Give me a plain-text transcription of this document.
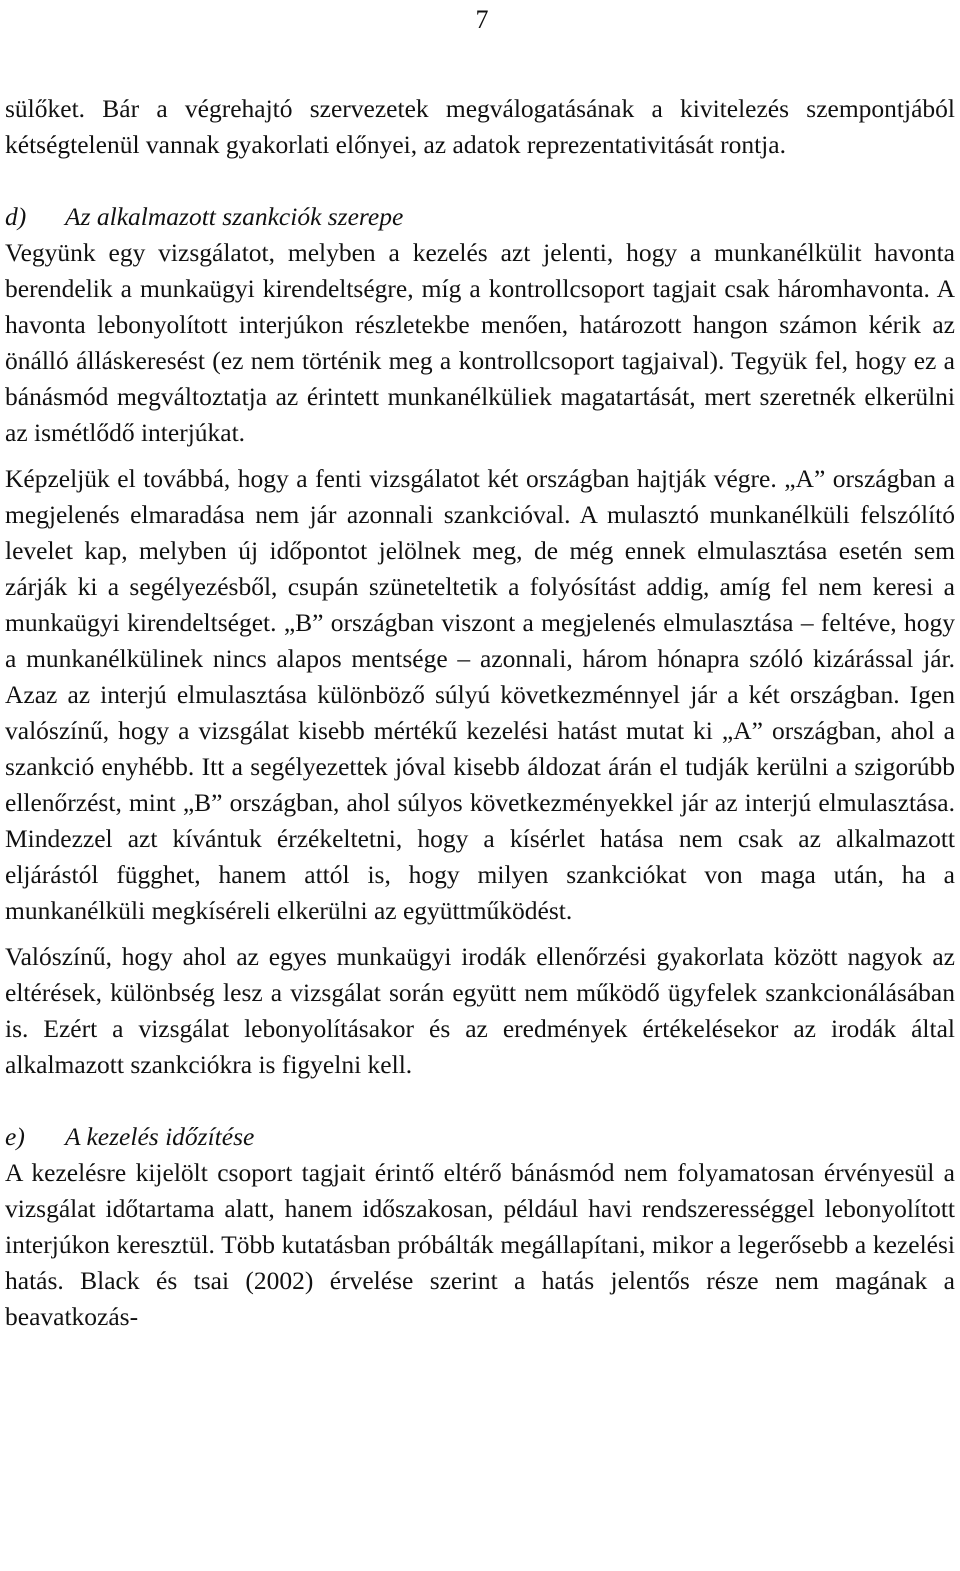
7

sülőket. Bár a végrehajtó szervezetek megválogatásának a kivitelezés szempontjából kétségtelenül vannak gyakorlati előnyei, az adatok reprezentativitását rontja.

d)	Az alkalmazott szankciók szerepe

Vegyünk egy vizsgálatot, melyben a kezelés azt jelenti, hogy a munkanélkülit havonta berendelik a munkaügyi kirendeltségre, míg a kontrollcsoport tagjait csak háromhavonta. A havonta lebonyolított interjúkon részletekbe menően, határozott hangon számon kérik az önálló álláskeresést (ez nem történik meg a kontrollcsoport tagjaival). Tegyük fel, hogy ez a bánásmód megváltoztatja az érintett munkanélküliek magatartását, mert szeretnék elkerülni az ismétlődő interjúkat.

Képzeljük el továbbá, hogy a fenti vizsgálatot két országban hajtják végre. „A” országban a megjelenés elmaradása nem jár azonnali szankcióval. A mulasztó munkanélküli felszólító levelet kap, melyben új időpontot jelölnek meg, de még ennek elmulasztása esetén sem zárják ki a segélyezésből, csupán szüneteltetik a folyósítást addig, amíg fel nem keresi a munkaügyi kirendeltséget. „B” országban viszont a megjelenés elmulasztása – feltéve, hogy a munkanélkülinek nincs alapos mentsége – azonnali, három hónapra szóló kizárással jár. Azaz az interjú elmulasztása különböző súlyú következménnyel jár a két országban. Igen valószínű, hogy a vizsgálat kisebb mértékű kezelési hatást mutat ki „A” országban, ahol a szankció enyhébb. Itt a segélyezettek jóval kisebb áldozat árán el tudják kerülni a szigorúbb ellenőrzést, mint „B” országban, ahol súlyos következményekkel jár az interjú elmulasztása. Mindezzel azt kívántuk érzékeltetni, hogy a kísérlet hatása nem csak az alkalmazott eljárástól függhet, hanem attól is, hogy milyen szankciókat von maga után, ha a munkanélküli megkíséreli elkerülni az együttműködést.

Valószínű, hogy ahol az egyes munkaügyi irodák ellenőrzési gyakorlata között nagyok az eltérések, különbség lesz a vizsgálat során együtt nem működő ügyfelek szankcionálásában is. Ezért a vizsgálat lebonyolításakor és az eredmények értékelésekor az irodák által alkalmazott szankciókra is figyelni kell.

e)	A kezelés időzítése

A kezelésre kijelölt csoport tagjait érintő eltérő bánásmód nem folyamatosan érvényesül a vizsgálat időtartama alatt, hanem időszakosan, például havi rendszerességgel lebonyolított interjúkon keresztül. Több kutatásban próbálták megállapítani, mikor a legerősebb a kezelési hatás. Black és tsai (2002) érvelése szerint a hatás jelentős része nem magának a beavatkozás-
